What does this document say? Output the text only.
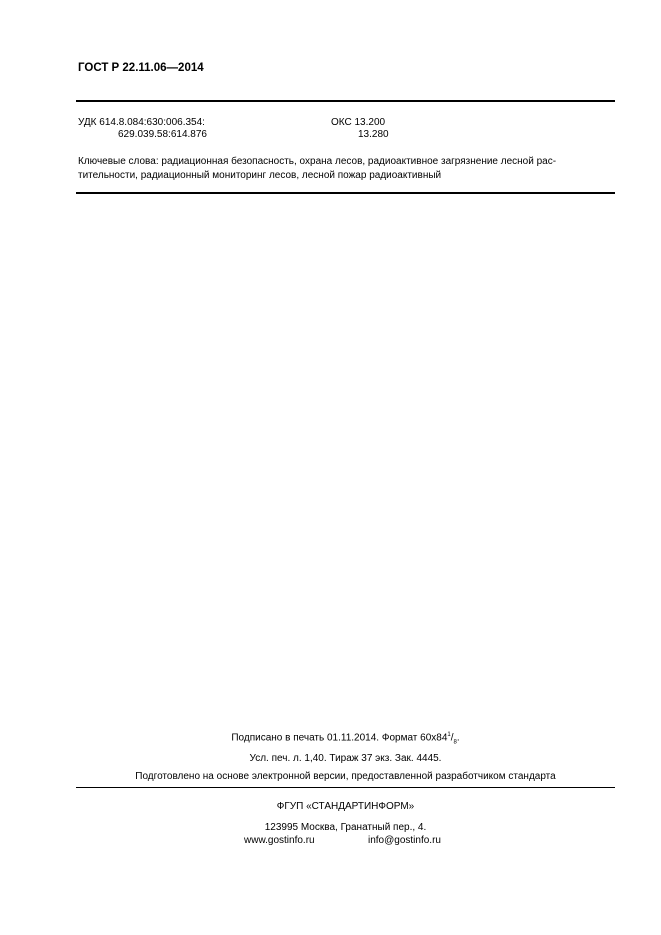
ГОСТ Р 22.11.06—2014
УДК 614.8.084:630:006.354:
629.039.58:614.876
ОКС 13.200
13.280
Ключевые слова: радиационная безопасность, охрана лесов, радиоактивное загрязнение лесной рас-
тительности, радиационный мониторинг лесов, лесной пожар радиоактивный
Подписано в печать 01.11.2014. Формат $60х84^1/_8$.
Усл. печ. л. 1,40. Тираж 37 экз. Зак. 4445.
Подготовлено на основе электронной версии, предоставленной разработчиком стандарта
ФГУП «СТАНДАРТИНФОРМ»
123995 Москва, Гранатный пер., 4.
www.gostinfo.ru	info@gostinfo.ru
